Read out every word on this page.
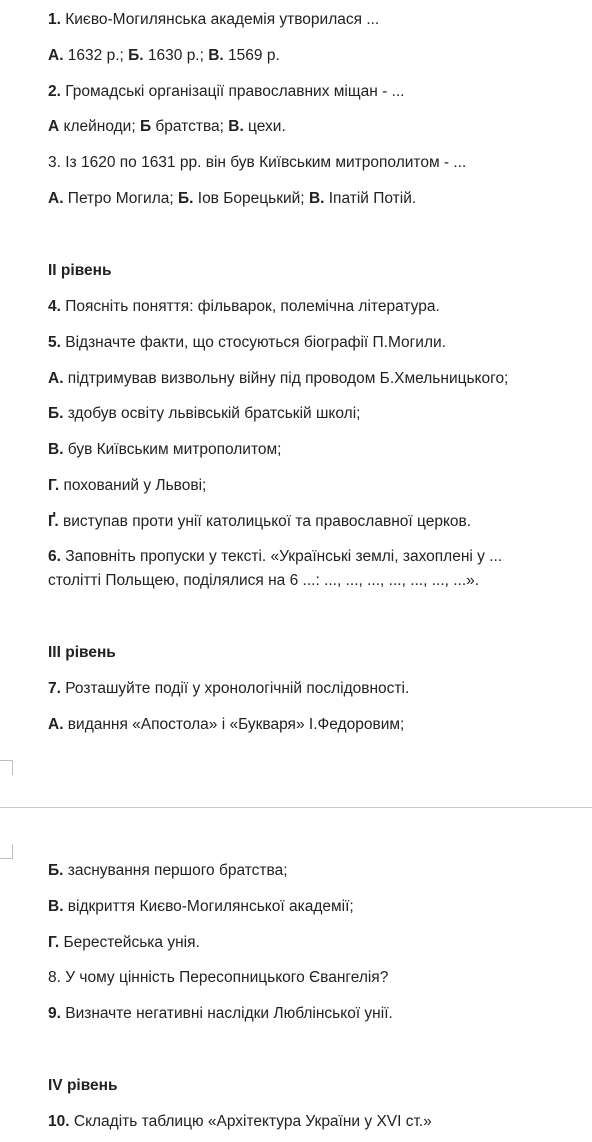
1. Києво-Могилянська академія утворилася ...
А. 1632 р.; Б. 1630 р.; В. 1569 р.
2. Громадські організації православних міщан - ...
А клейноди; Б братства; В. цехи.
3. Із 1620 по 1631 рр. він був Київським митрополитом - ...
А. Петро Могила; Б. Іов Борецький; В. Іпатій Потій.
ІІ рівень
4. Поясніть поняття: фільварок, полемічна література.
5. Відзначте факти, що стосуються біографії П.Могили.
А. підтримував визвольну війну під проводом Б.Хмельницького;
Б. здобув освіту львівській братській школі;
В. був Київським митрополитом;
Г. похований у Львові;
Ґ. виступав проти унії католицької та православної церков.
6. Заповніть пропуски у тексті. «Українські землі, захоплені у ...
столітті Польщею, поділялися на 6 ...: ..., ..., ..., ..., ..., ..., ...».
ІІІ рівень
7. Розташуйте події у хронологічній послідовності.
А. видання «Апостола» і «Букваря» І.Федоровим;
Б. заснування першого братства;
В. відкриття Києво-Могилянської академії;
Г. Берестейська унія.
8. У чому цінність Пересопницького Євангелія?
9. Визначте негативні наслідки Люблінської унії.
IV рівень
10. Складіть таблицю «Архітектура України у XVI ст.»
